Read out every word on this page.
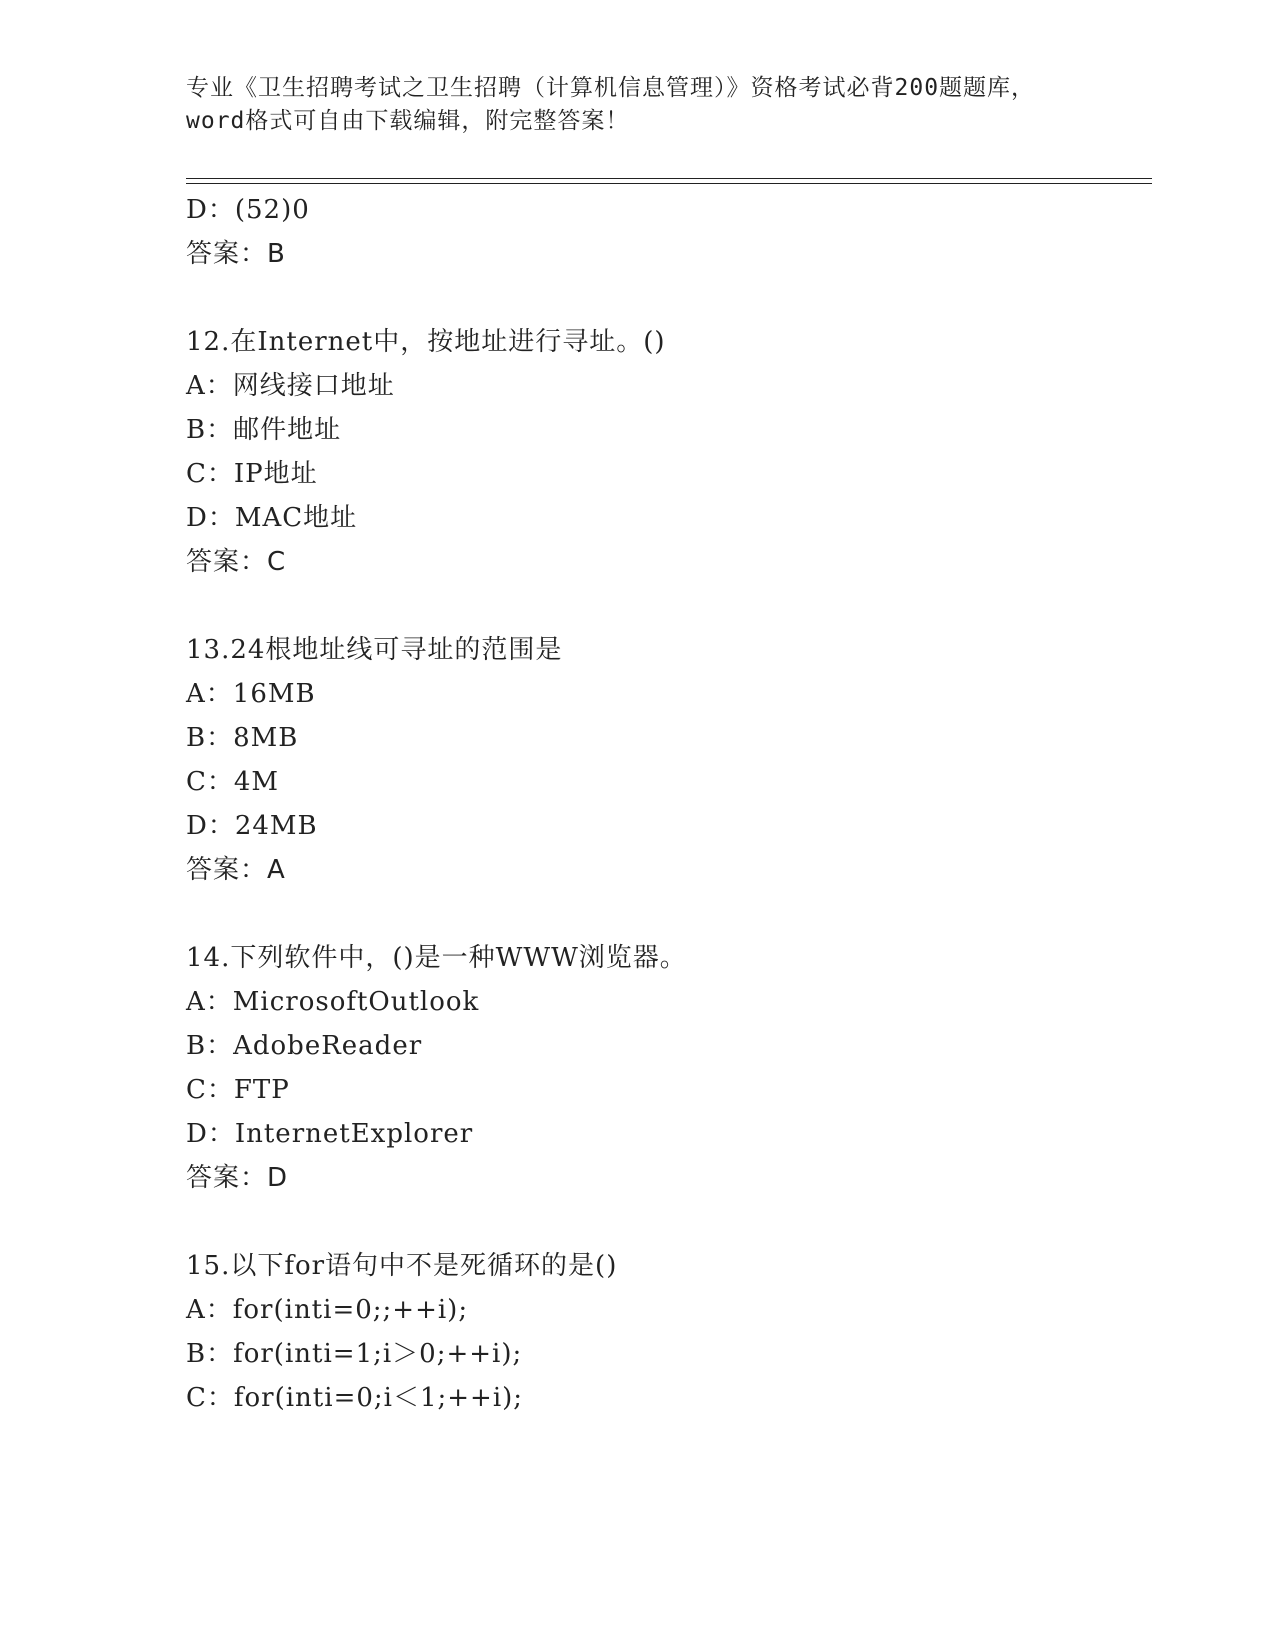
专业《卫生招聘考试之卫生招聘（计算机信息管理）》资格考试必背200题题库，
word格式可自由下载编辑，附完整答案！
D：(52)0
答案：B
12.在Internet中，按地址进行寻址。()
A：网线接口地址
B：邮件地址
C：IP地址
D：MAC地址
答案：C
13.24根地址线可寻址的范围是
A：16MB
B：8MB
C：4M
D：24MB
答案：A
14.下列软件中，()是一种WWW浏览器。
A：MicrosoftOutlook
B：AdobeReader
C：FTP
D：InternetExplorer
答案：D
15.以下for语句中不是死循环的是()
A：for(inti=0;;++i);
B：for(inti=1;i＞0;++i);
C：for(inti=0;i＜1;++i);
